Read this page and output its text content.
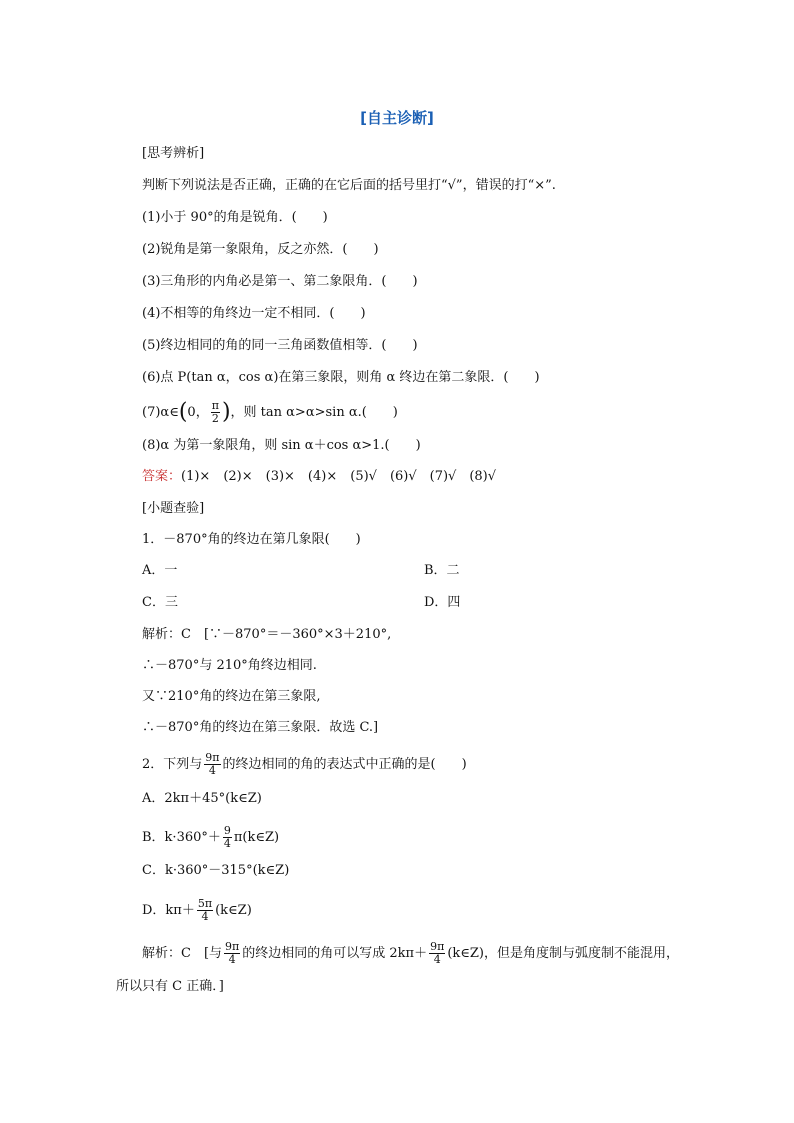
[自主诊断]
[思考辨析]
判断下列说法是否正确，正确的在它后面的括号里打“√”，错误的打“×”.
(1)小于 90°的角是锐角．(　　)
(2)锐角是第一象限角，反之亦然．(　　)
(3)三角形的内角必是第一、第二象限角．(　　)
(4)不相等的角终边一定不相同．(　　)
(5)终边相同的角的同一三角函数值相等．(　　)
(6)点 P(tan α，cos α)在第三象限，则角 α 终边在第二象限．(　　)
(7)α∈(0， $\frac{\pi}{2}$ )，则 tan α>α>sin α.(　　)
(8)α 为第一象限角，则 sin α＋cos α>1.(　　)
答案：(1)×　(2)×　(3)×　(4)×　(5)√　(6)√　(7)√　(8)√
[小题查验]
1．－870°角的终边在第几象限(　　)
A．一	B．二
C．三	D．四
解析：C　[∵－870°＝－360°×3＋210°,
∴－870°与 210°角终边相同.
又∵210°角的终边在第三象限,
∴－870°角的终边在第三象限．故选 C.]
2．下列与 $\frac{9\pi}{4}$ 的终边相同的角的表达式中正确的是(　　)
A．2kπ＋45°(k∈Z)
B．$k\cdot 360^\circ+ \frac{9}{4}$ π(k∈Z)
C．k·360°－315°(k∈Z)
D．$k\pi+ \frac{5\pi}{4}$ (k∈Z)
解析：C　[与 $\frac{9\pi}{4}$ 的终边相同的角可以写成 $2k\pi+ \frac{9\pi}{4}$ (k∈Z)，但是角度制与弧度制不能混用，
所以只有 C 正确．]
